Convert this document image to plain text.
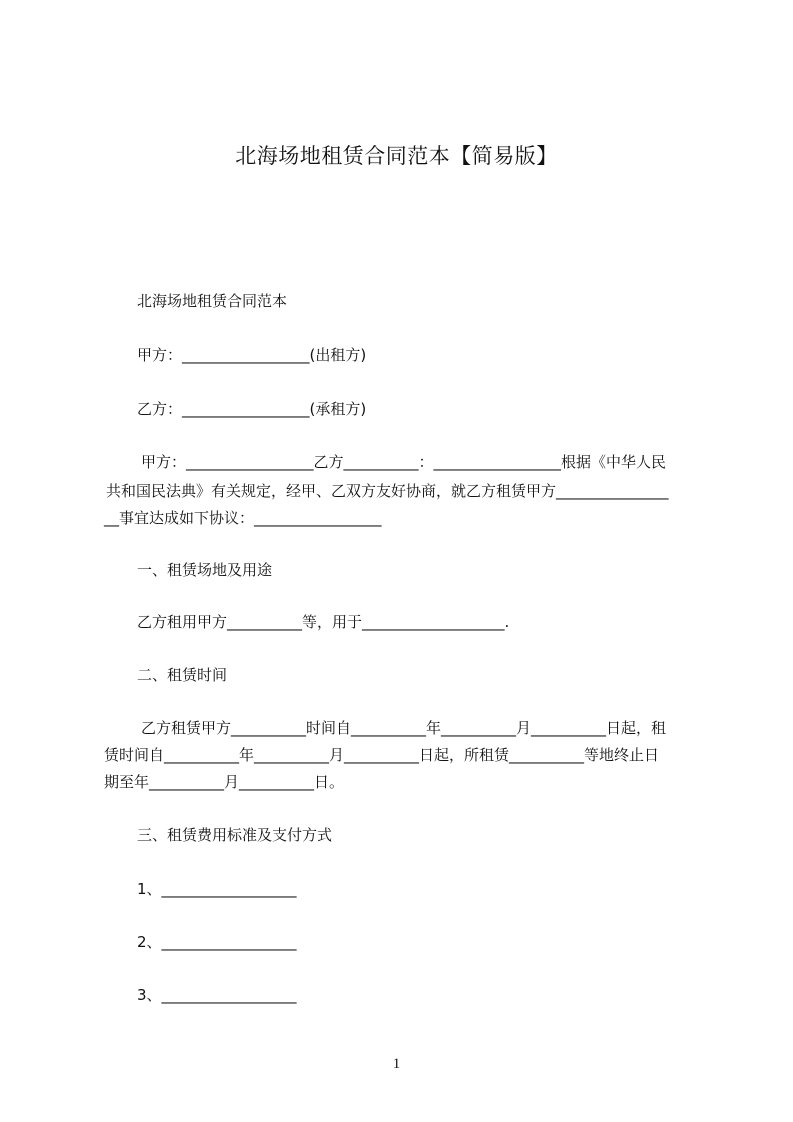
北海场地租赁合同范本【简易版】

北海场地租赁合同范本

甲方：_________________(出租方)

乙方：_________________(承租方)

甲方：_________________乙方__________：_________________根据《中华人民

共和国民法典》有关规定，经甲、乙双方友好协商，就乙方租赁甲方_______________

__事宜达成如下协议：_________________

一、租赁场地及用途

乙方租用甲方__________等，用于___________________.

二、租赁时间

乙方租赁甲方__________时间自__________年__________月__________日起，租

赁时间自__________年__________月__________日起，所租赁__________等地终止日

期至年__________月__________日。

三、租赁费用标准及支付方式

1、__________________

2、__________________

3、__________________

1
